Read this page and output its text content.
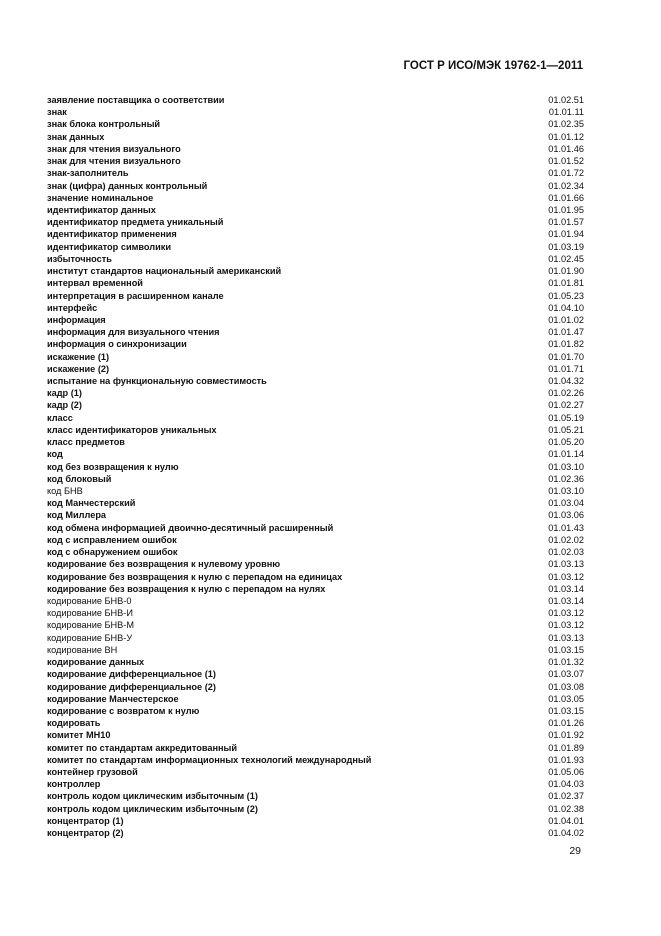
ГОСТ Р ИСО/МЭК 19762-1—2011
заявление поставщика о соответствии	01.02.51
знак	01.01.11
знак блока контрольный	01.02.35
знак данных	01.01.12
знак для чтения визуального	01.01.46
знак для чтения визуального	01.01.52
знак-заполнитель	01.01.72
знак (цифра) данных контрольный	01.02.34
значение номинальное	01.01.66
идентификатор данных	01.01.95
идентификатор предмета уникальный	01.01.57
идентификатор применения	01.01.94
идентификатор символики	01.03.19
избыточность	01.02.45
институт стандартов национальный американский	01.01.90
интервал временной	01.01.81
интерпретация в расширенном канале	01.05.23
интерфейс	01.04.10
информация	01.01.02
информация для визуального чтения	01.01.47
информация о синхронизации	01.01.82
искажение (1)	01.01.70
искажение (2)	01.01.71
испытание на функциональную совместимость	01.04.32
кадр (1)	01.02.26
кадр (2)	01.02.27
класс	01.05.19
класс идентификаторов уникальных	01.05.21
класс предметов	01.05.20
код	01.01.14
код без возвращения к нулю	01.03.10
код блоковый	01.02.36
код БНВ	01.03.10
код Манчестерский	01.03.04
код Миллера	01.03.06
код обмена информацией двоично-десятичный расширенный	01.01.43
код с исправлением ошибок	01.02.02
код с обнаружением ошибок	01.02.03
кодирование без возвращения к нулевому уровню	01.03.13
кодирование без возвращения к нулю с перепадом на единицах	01.03.12
кодирование без возвращения к нулю с перепадом на нулях	01.03.14
кодирование БНВ-0	01.03.14
кодирование БНВ-И	01.03.12
кодирование БНВ-М	01.03.12
кодирование БНВ-У	01.03.13
кодирование ВН	01.03.15
кодирование данных	01.01.32
кодирование дифференциальное (1)	01.03.07
кодирование дифференциальное (2)	01.03.08
кодирование Манчестерское	01.03.05
кодирование с возвратом к нулю	01.03.15
кодировать	01.01.26
комитет МН10	01.01.92
комитет по стандартам аккредитованный	01.01.89
комитет по стандартам информационных технологий международный	01.01.93
контейнер грузовой	01.05.06
контроллер	01.04.03
контроль кодом циклическим избыточным (1)	01.02.37
контроль кодом циклическим избыточным (2)	01.02.38
концентратор (1)	01.04.01
концентратор (2)	01.04.02
29
